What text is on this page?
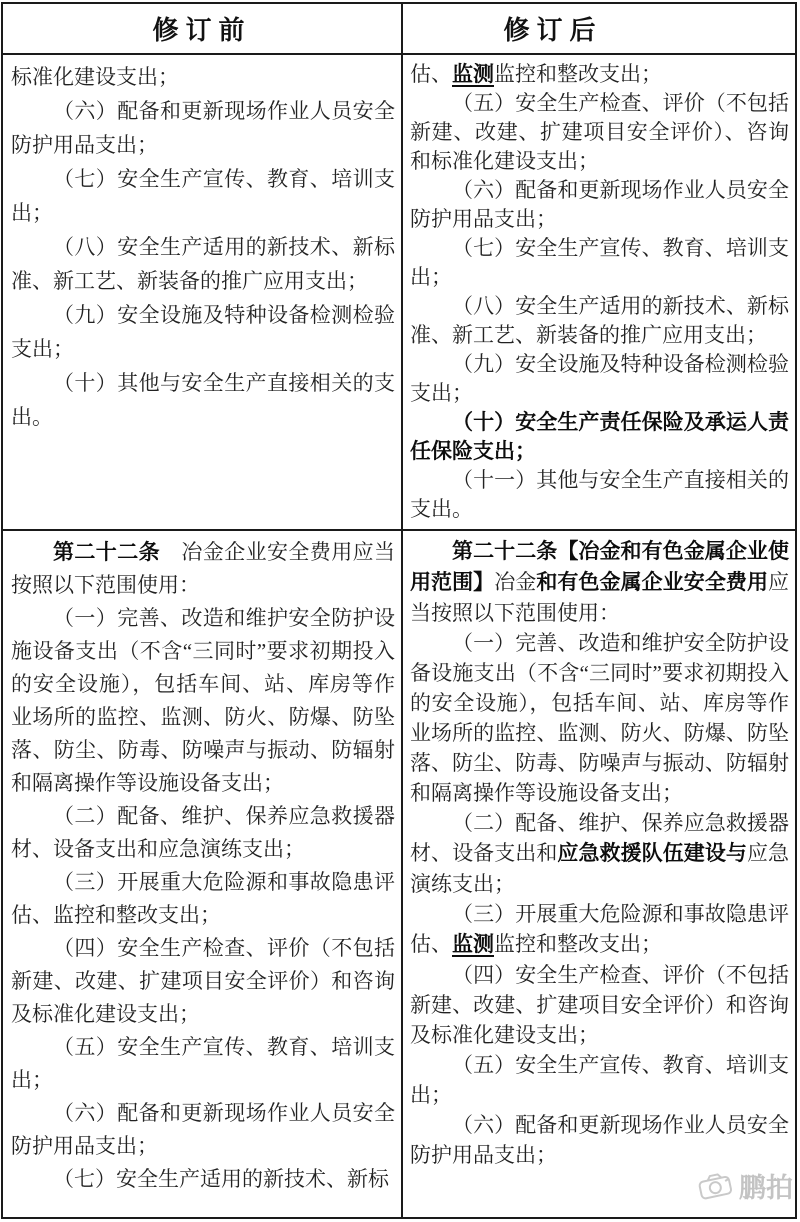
修订前	修订后

标准化建设支出；

（六）配备和更新现场作业人员安全防护用品支出；

（七）安全生产宣传、教育、培训支出；

（八）安全生产适用的新技术、新标准、新工艺、新装备的推广应用支出；

（九）安全设施及特种设备检测检验支出；

（十）其他与安全生产直接相关的支出。

估、监测监控和整改支出；

（五）安全生产检查、评价（不包括新建、改建、扩建项目安全评价）、咨询和标准化建设支出；

（六）配备和更新现场作业人员安全防护用品支出；

（七）安全生产宣传、教育、培训支出；

（八）安全生产适用的新技术、新标准、新工艺、新装备的推广应用支出；

（九）安全设施及特种设备检测检验支出；

（十）安全生产责任保险及承运人责任保险支出；

（十一）其他与安全生产直接相关的支出。

第二十二条　冶金企业安全费用应当按照以下范围使用：

（一）完善、改造和维护安全防护设施设备支出（不含“三同时”要求初期投入的安全设施），包括车间、站、库房等作业场所的监控、监测、防火、防爆、防坠落、防尘、防毒、防噪声与振动、防辐射和隔离操作等设施设备支出；

（二）配备、维护、保养应急救援器材、设备支出和应急演练支出；

（三）开展重大危险源和事故隐患评估、监控和整改支出；

（四）安全生产检查、评价（不包括新建、改建、扩建项目安全评价）和咨询及标准化建设支出；

（五）安全生产宣传、教育、培训支出；

（六）配备和更新现场作业人员安全防护用品支出；

（七）安全生产适用的新技术、新标

第二十二条【冶金和有色金属企业使用范围】冶金和有色金属企业安全费用应当按照以下范围使用：

（一）完善、改造和维护安全防护设备设施支出（不含“三同时”要求初期投入的安全设施），包括车间、站、库房等作业场所的监控、监测、防火、防爆、防坠落、防尘、防毒、防噪声与振动、防辐射和隔离操作等设施设备支出；

（二）配备、维护、保养应急救援器材、设备支出和应急救援队伍建设与应急演练支出；

（三）开展重大危险源和事故隐患评估、监测监控和整改支出；

（四）安全生产检查、评价（不包括新建、改建、扩建项目安全评价）和咨询及标准化建设支出；

（五）安全生产宣传、教育、培训支出；

（六）配备和更新现场作业人员安全防护用品支出；

鹏拍
